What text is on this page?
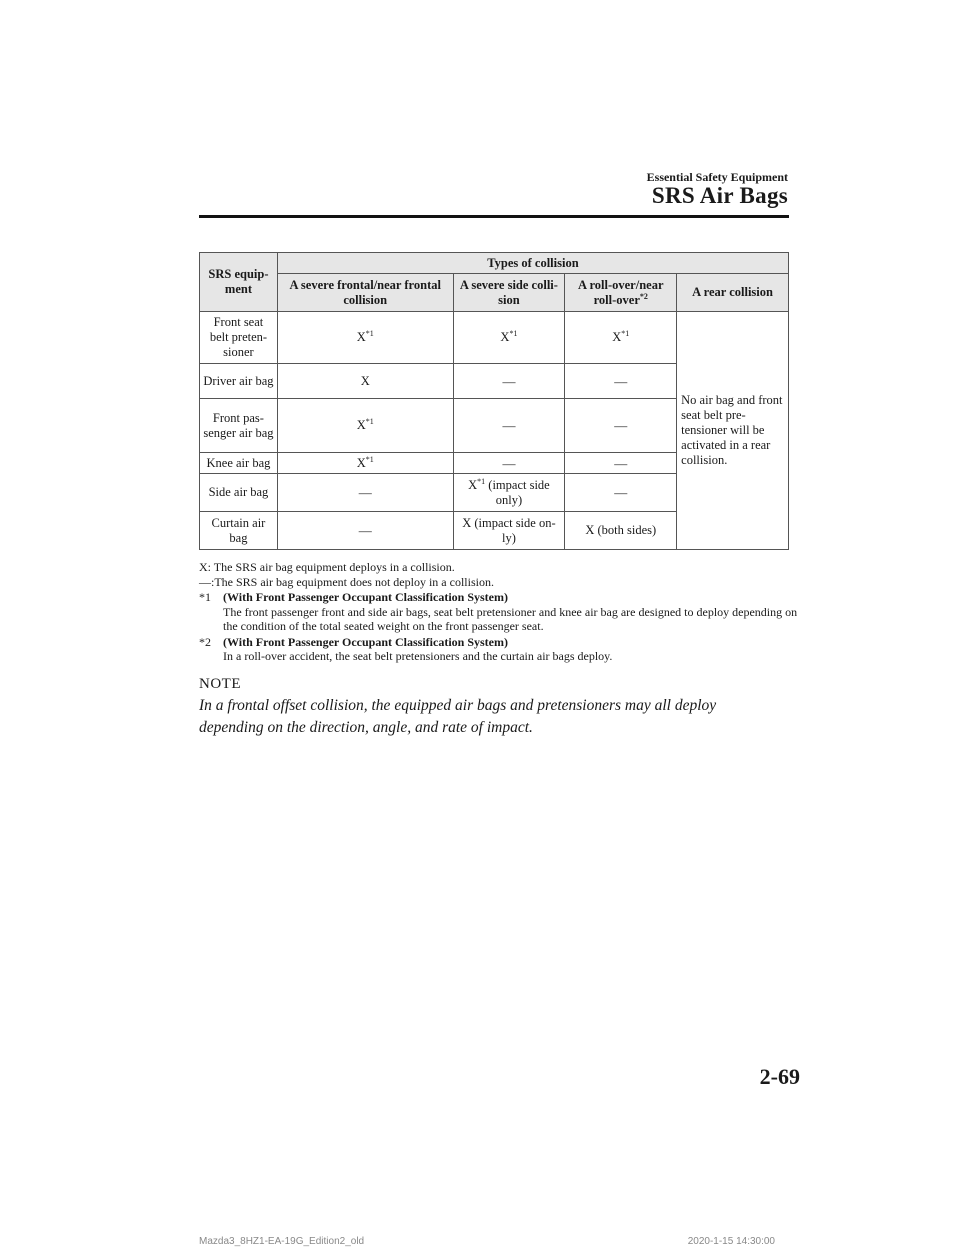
Essential Safety Equipment
SRS Air Bags
SRS equip-ment	Types of collision			
	A severe frontal/near frontal collision	A severe side colli-sion	A roll-over/near roll-over$^{*2}$	A rear collision
Front seat belt preten-sioner	$X^{*1}$	$X^{*1}$	$X^{*1}$	No air bag and front seat belt pre-tensioner will be activated in a rear collision.
Driver air bag	X	—	—	
Front pas-senger air bag	$X^{*1}$	—	—	
Knee air bag	$X^{*1}$	—	—	
Side air bag	—	$X^{*1}$ (impact side only)	—	
Curtain air bag	—	X (impact side on-ly)	X (both sides)	

X: The SRS air bag equipment deploys in a collision.

—:The SRS air bag equipment does not deploy in a collision.

*1	(With Front Passenger Occupant Classification System)
The front passenger front and side air bags, seat belt pretensioner and knee air bag are designed to deploy depending on the condition of the total seated weight on the front passenger seat.
*2	(With Front Passenger Occupant Classification System)
In a roll-over accident, the seat belt pretensioners and the curtain air bags deploy.

NOTE

In a frontal offset collision, the equipped air bags and pretensioners may all deploy depending on the direction, angle, and rate of impact.

2-69
Mazda3_8HZ1-EA-19G_Edition2_old	2020-1-15 14:30:00
